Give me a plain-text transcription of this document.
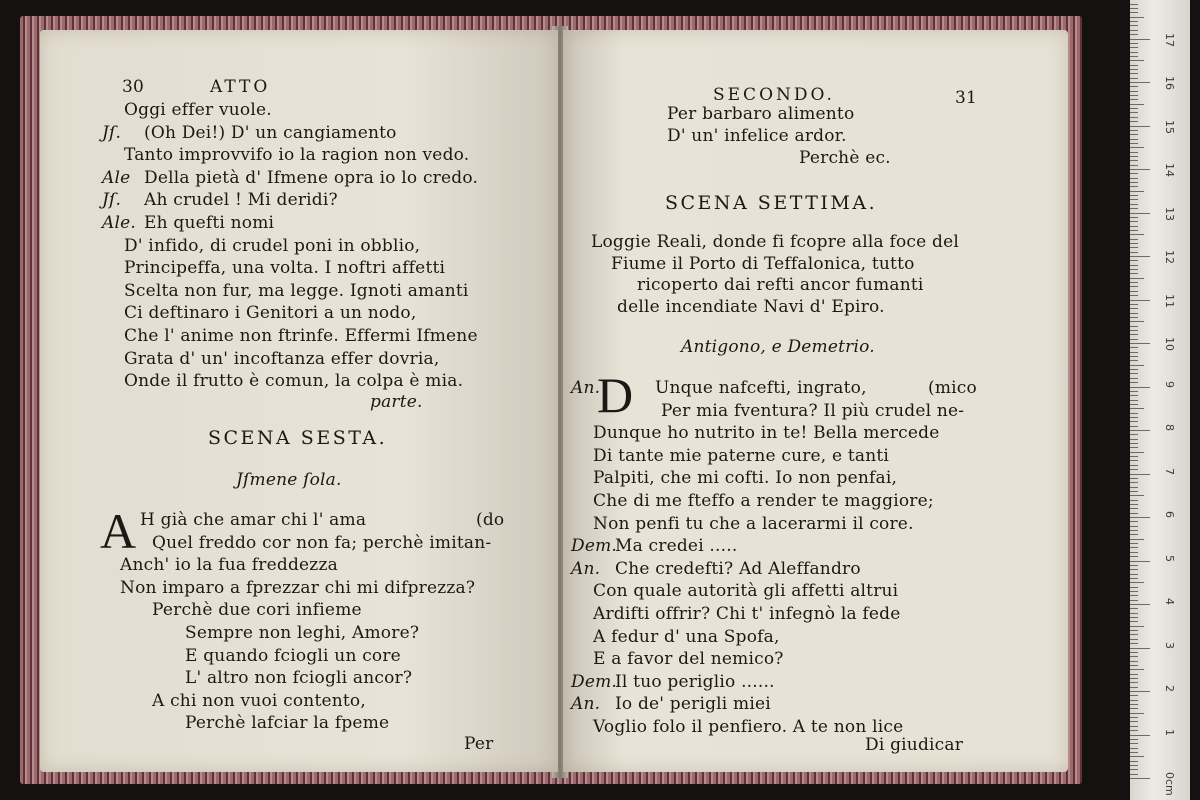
30	ATTO
Oggi effer vuole.
Jſ. (Oh Dei!) D' un cangiamento
Tanto improvvifo io la ragion non vedo.
Ale Della pietà d' Ifmene opra io lo credo.
Jſ. Ah crudel ! Mi deridi?
Ale. Eh quefti nomi
D' infido, di crudel poni in obblio,
Principeffa, una volta. I noftri affetti
Scelta non fur, ma legge. Ignoti amanti
Ci deftinaro i Genitori a un nodo,
Che l' anime non ftrinfe. Effermi Ifmene
Grata d' un' incoftanza effer dovria,
Onde il frutto è comun, la colpa è mia.
parte.
SCENA SESTA.
Jſmene ſola.
A H già che amar chi l' ama
Quel freddo cor non fa; perchè imitan-
Anch' io la fua freddezza
Non imparo a fprezzar chi mi difprezza?
Perchè due cori infieme
Sempre non leghi, Amore?
E quando fciogli un core
L' altro non fciogli ancor?
A chi non vuoi contento,
Perchè lafciar la fpeme
(do
Per
SECONDO.	31
Per barbaro alimento
D' un' infelice ardor.
Perchè ec.
SCENA SETTIMA.
Loggie Reali, donde fi fcopre alla foce del
Fiume il Porto di Teffalonica, tutto
ricoperto dai refti ancor fumanti
delle incendiate Navi d' Epiro.
Antigono, e Demetrio.
D
An.	Unque nafcefti, ingrato,
Per mia fventura? Il più crudel ne-
Dunque ho nutrito in te! Bella mercede
Di tante mie paterne cure, e tanti
Palpiti, che mi cofti. Io non penfai,
Che di me fteffo a render te maggiore;
Non penfi tu che a lacerarmi il core.
Dem.
Ma credei .....
An. Che credefti? Ad Aleffandro
Con quale autorità gli affetti altrui
Ardifti offrir? Chi t' infegnò la fede
A fedur d' una Spofa,
E a favor del nemico?
Dem.
Il tuo periglio ......
An. Io de' perigli miei
Voglio folo il penfiero. A te non lice
(mico
Di giudicar
0cm
1
2
3
4
5
6
7
8
9
10
11
12
13
14
15
16
17
